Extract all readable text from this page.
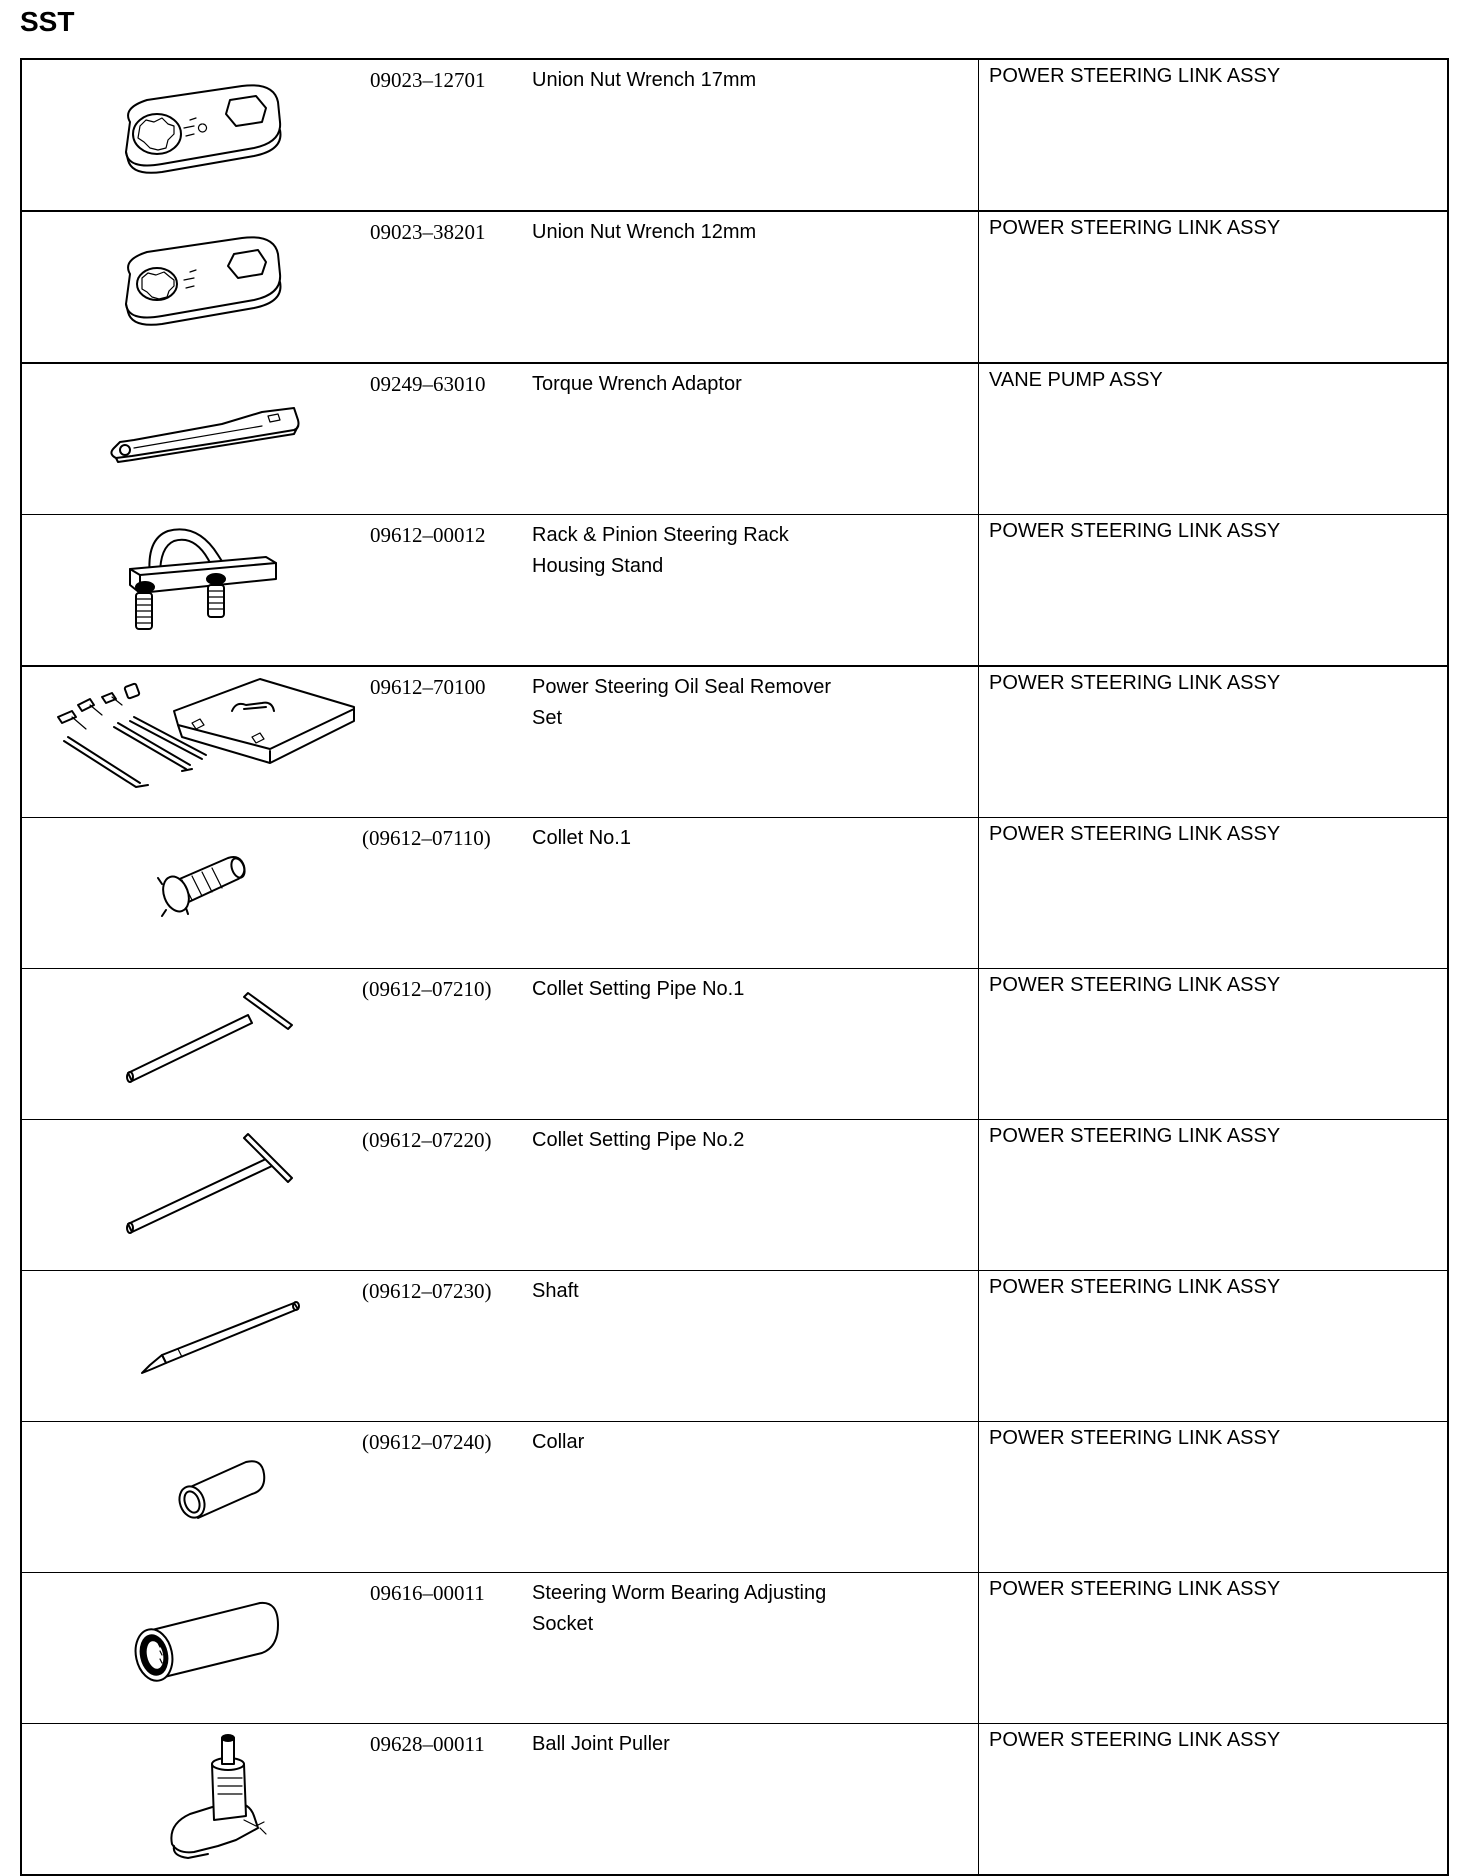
SST

09023–12701	Union Nut Wrench 17mm	POWER STEERING LINK ASSY

09023–38201	Union Nut Wrench 12mm	POWER STEERING LINK ASSY

09249–63010	Torque Wrench Adaptor	VANE PUMP ASSY

09612–00012	Rack & Pinion Steering Rack
Housing Stand	POWER STEERING LINK ASSY

09612–70100	Power Steering Oil Seal Remover
Set	POWER STEERING LINK ASSY

(09612–07110)	Collet No.1	POWER STEERING LINK ASSY

(09612–07210)	Collet Setting Pipe No.1	POWER STEERING LINK ASSY

(09612–07220)	Collet Setting Pipe No.2	POWER STEERING LINK ASSY

(09612–07230)	Shaft	POWER STEERING LINK ASSY

(09612–07240)	Collar	POWER STEERING LINK ASSY

09616–00011	Steering Worm Bearing Adjusting
Socket	POWER STEERING LINK ASSY

09628–00011	Ball Joint Puller	POWER STEERING LINK ASSY
